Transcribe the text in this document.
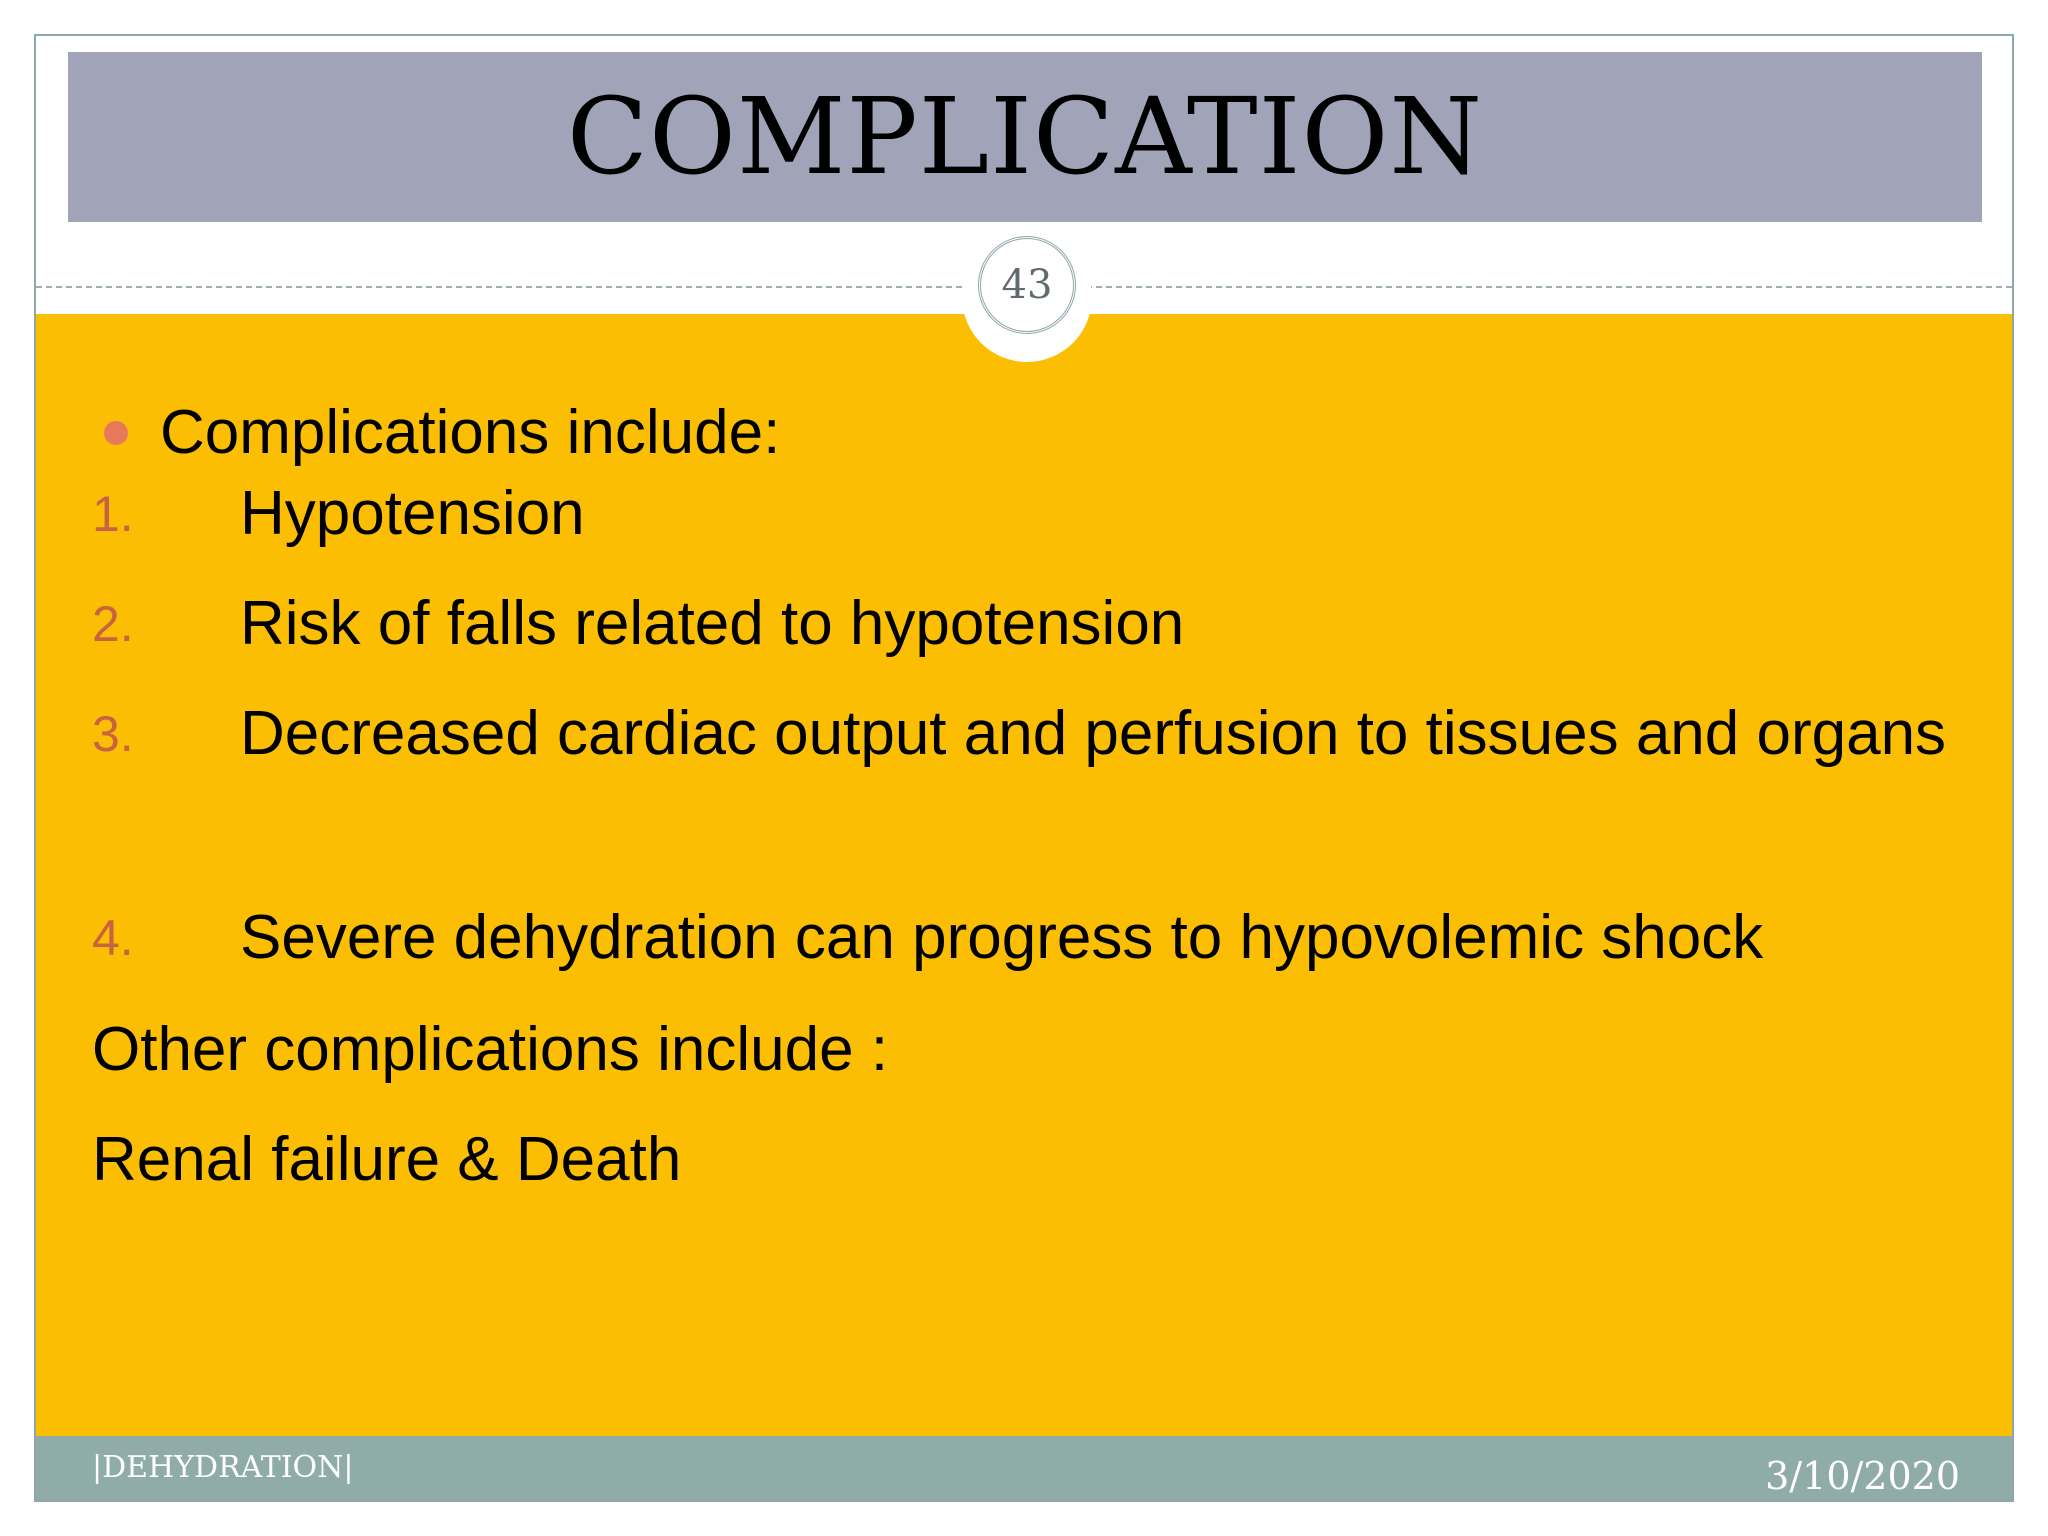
COMPLICATION
Complications include:
1.	Hypotension
2.	Risk of falls related to hypotension
3.	Decreased cardiac output and perfusion to tissues and organs
4.	Severe dehydration can progress to hypovolemic shock
Other complications include :
Renal failure & Death
43
|DEHYDRATION|	3/10/2020
